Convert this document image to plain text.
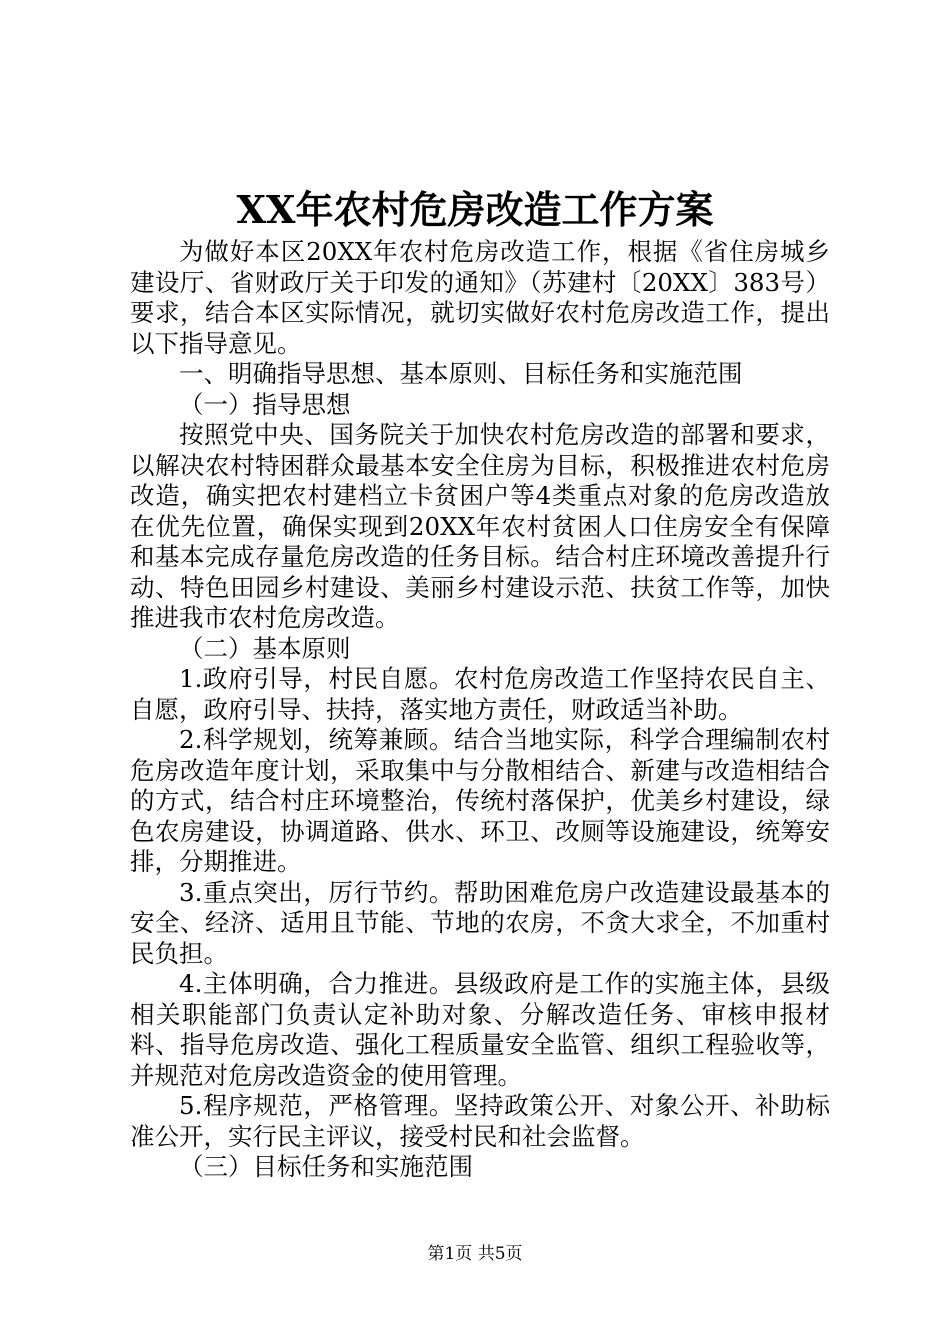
XX年农村危房改造工作方案

为做好本区20XX年农村危房改造工作，根据《省住房城乡建设厅、省财政厅关于印发的通知》（苏建村〔20XX〕383号）要求，结合本区实际情况，就切实做好农村危房改造工作，提出以下指导意见。

一、明确指导思想、基本原则、目标任务和实施范围

（一）指导思想

按照党中央、国务院关于加快农村危房改造的部署和要求，以解决农村特困群众最基本安全住房为目标，积极推进农村危房改造，确实把农村建档立卡贫困户等4类重点对象的危房改造放在优先位置，确保实现到20XX年农村贫困人口住房安全有保障和基本完成存量危房改造的任务目标。结合村庄环境改善提升行动、特色田园乡村建设、美丽乡村建设示范、扶贫工作等，加快推进我市农村危房改造。

（二）基本原则

1.政府引导，村民自愿。农村危房改造工作坚持农民自主、自愿，政府引导、扶持，落实地方责任，财政适当补助。

2.科学规划，统筹兼顾。结合当地实际，科学合理编制农村危房改造年度计划，采取集中与分散相结合、新建与改造相结合的方式，结合村庄环境整治，传统村落保护，优美乡村建设，绿色农房建设，协调道路、供水、环卫、改厕等设施建设，统筹安排，分期推进。

3.重点突出，厉行节约。帮助困难危房户改造建设最基本的安全、经济、适用且节能、节地的农房，不贪大求全，不加重村民负担。

4.主体明确，合力推进。县级政府是工作的实施主体，县级相关职能部门负责认定补助对象、分解改造任务、审核申报材料、指导危房改造、强化工程质量安全监管、组织工程验收等，并规范对危房改造资金的使用管理。

5.程序规范，严格管理。坚持政策公开、对象公开、补助标准公开，实行民主评议，接受村民和社会监督。

（三）目标任务和实施范围

第1页 共5页
